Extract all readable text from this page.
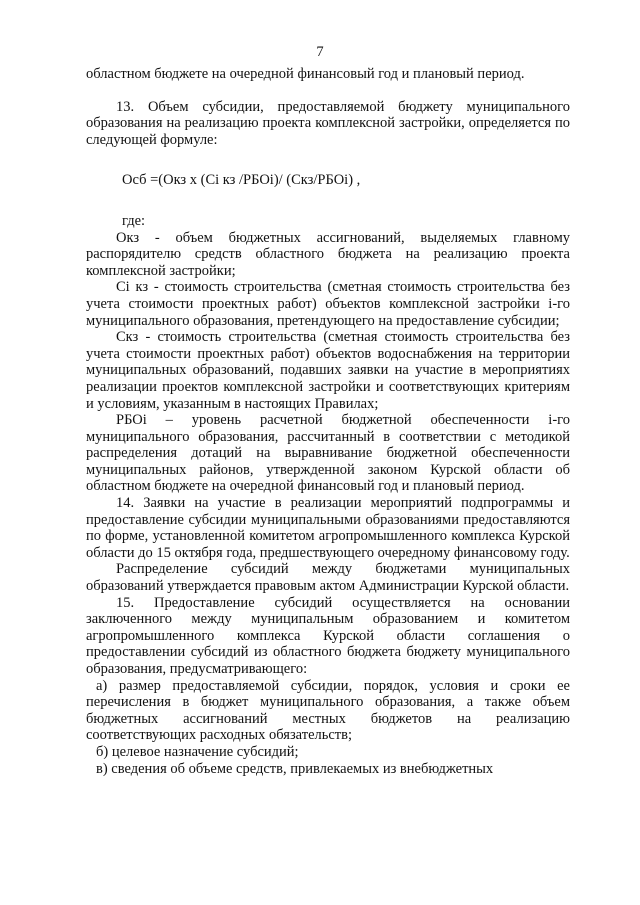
7

областном бюджете на очередной финансовый год и плановый период.

13. Объем субсидии, предоставляемой бюджету муниципального образования на реализацию проекта комплексной застройки, определяется по следующей формуле:

Осб =(Окз х (Сi кз /РБОi)/ (Скз/РБОi) ,

где:

Окз - объем бюджетных ассигнований, выделяемых главному распорядителю средств областного бюджета на реализацию проекта комплексной застройки;

Сi кз - стоимость строительства (сметная стоимость строительства без учета стоимости проектных работ) объектов комплексной застройки i-го муниципального образования, претендующего на предоставление субсидии;

Скз - стоимость строительства (сметная стоимость строительства без учета стоимости проектных работ) объектов водоснабжения на территории муниципальных образований, подавших заявки на участие в мероприятиях реализации проектов комплексной застройки и соответствующих критериям и условиям, указанным в настоящих Правилах;

РБОi – уровень расчетной бюджетной обеспеченности i-го муниципального образования, рассчитанный в соответствии с методикой распределения дотаций на выравнивание бюджетной обеспеченности муниципальных районов, утвержденной законом Курской области об областном бюджете на очередной финансовый год и плановый период.

14. Заявки на участие в реализации мероприятий подпрограммы и предоставление субсидии муниципальными образованиями предоставляются по форме, установленной комитетом агропромышленного комплекса Курской области до 15 октября года, предшествующего очередному финансовому году.

Распределение субсидий между бюджетами муниципальных образований утверждается правовым актом Администрации Курской области.

15. Предоставление субсидий осуществляется на основании заключенного между муниципальным образованием и комитетом агропромышленного комплекса Курской области соглашения о предоставлении субсидий из областного бюджета бюджету муниципального образования, предусматривающего:

а) размер предоставляемой субсидии, порядок, условия и сроки ее перечисления в бюджет муниципального образования, а также объем бюджетных ассигнований местных бюджетов на реализацию соответствующих расходных обязательств;

б) целевое назначение субсидий;

в) сведения об объеме средств, привлекаемых из внебюджетных
